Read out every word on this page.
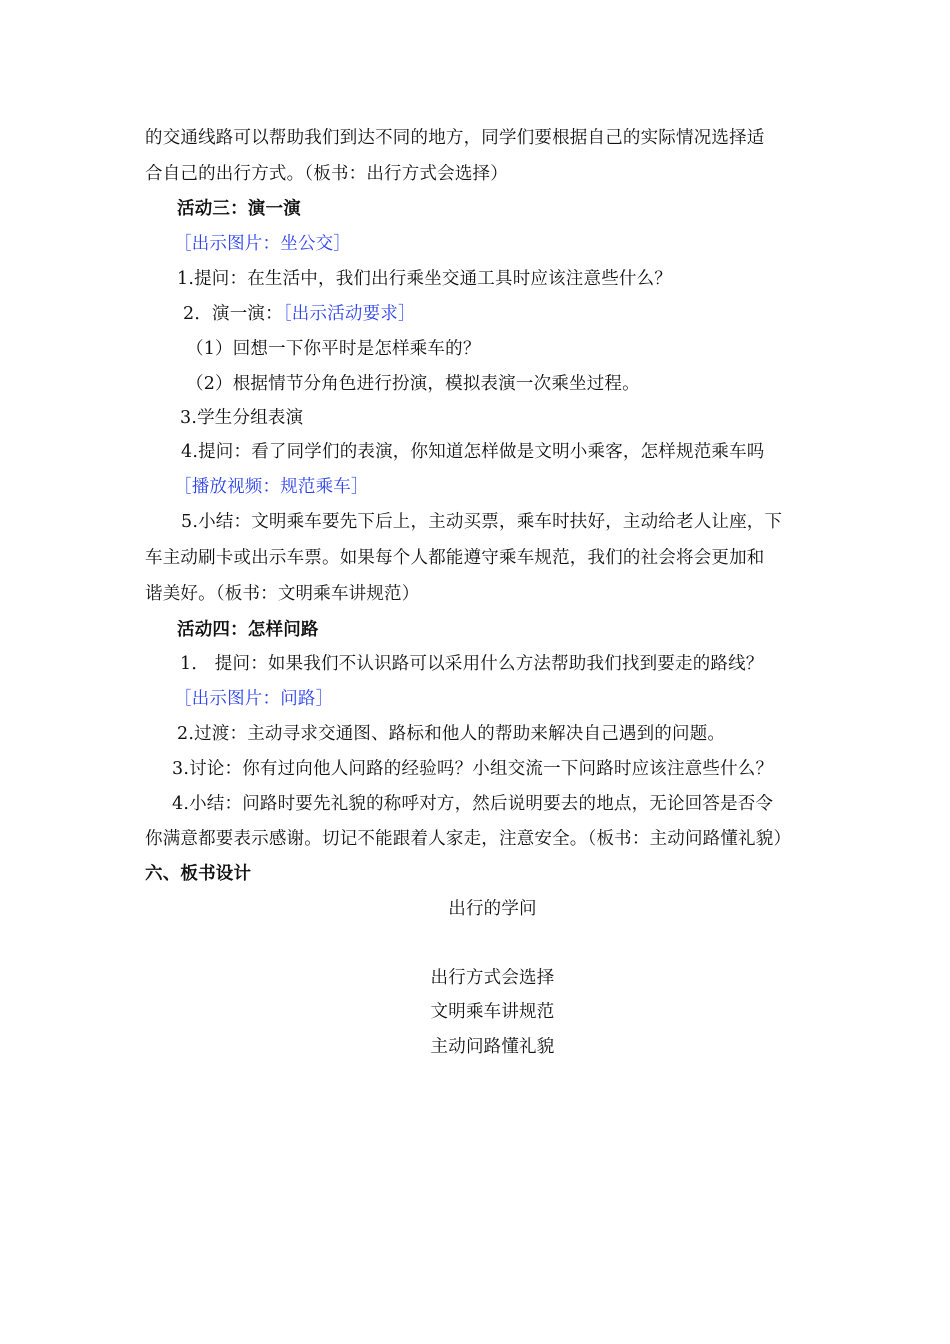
的交通线路可以帮助我们到达不同的地方，同学们要根据自己的实际情况选择适
合自己的出行方式。（板书：出行方式会选择）
活动三：演一演
［出示图片：坐公交］
1.提问：在生活中，我们出行乘坐交通工具时应该注意些什么？
2．演一演：［出示活动要求］
（1）回想一下你平时是怎样乘车的？
（2）根据情节分角色进行扮演，模拟表演一次乘坐过程。
3.学生分组表演
4.提问：看了同学们的表演，你知道怎样做是文明小乘客，怎样规范乘车吗
［播放视频：规范乘车］
5.小结：文明乘车要先下后上，主动买票，乘车时扶好，主动给老人让座，下
车主动刷卡或出示车票。如果每个人都能遵守乘车规范，我们的社会将会更加和
谐美好。（板书：文明乘车讲规范）
活动四：怎样问路
1． 提问：如果我们不认识路可以采用什么方法帮助我们找到要走的路线？
［出示图片：问路］
2.过渡：主动寻求交通图、路标和他人的帮助来解决自己遇到的问题。
3.讨论：你有过向他人问路的经验吗？小组交流一下问路时应该注意些什么？
4.小结：问路时要先礼貌的称呼对方，然后说明要去的地点，无论回答是否令
你满意都要表示感谢。切记不能跟着人家走，注意安全。（板书：主动问路懂礼貌）
六、板书设计
出行的学问
出行方式会选择
文明乘车讲规范
主动问路懂礼貌
